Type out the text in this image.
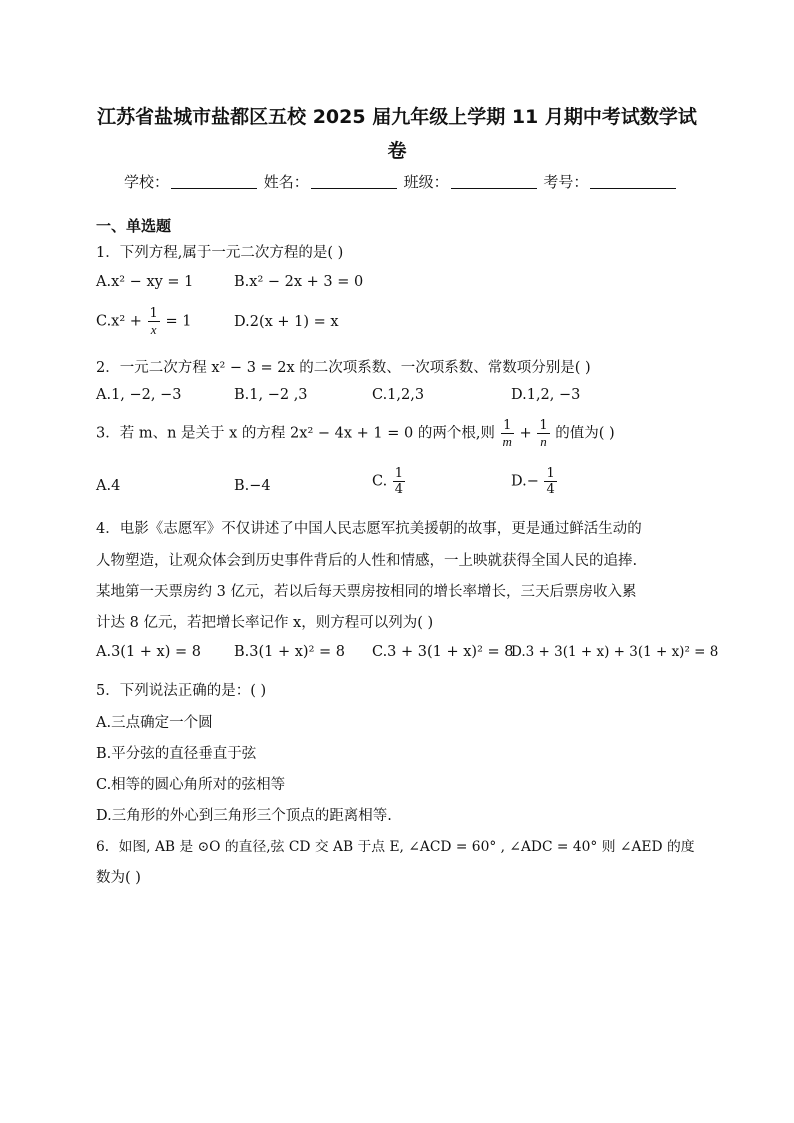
江苏省盐城市盐都区五校 2025 届九年级上学期 11 月期中考试数学试
卷
学校：	姓名：	班级：	考号：
一、单选题
1．下列方程,属于一元二次方程的是( )
A.x² − xy = 1	B.x² − 2x + 3 = 0
$C.x^2 + \frac{1}{x} = 1$	D.2(x + 1) = x
2．一元二次方程 x² − 3 = 2x 的二次项系数、一次项系数、常数项分别是( )
A.1, −2, −3	B.1, −2 ,3	C.1,2,3	D.1,2, −3
3．若 m、n 是关于 x 的方程 2x² − 4x + 1 = 0 的两个根,则 $\frac{1}{m} + \frac{1}{n}$ 的值为( )
A.4	B.−4	C. $\frac{1}{4}$	$D.- \frac{1}{4}$
4．电影《志愿军》不仅讲述了中国人民志愿军抗美援朝的故事，更是通过鲜活生动的
人物塑造，让观众体会到历史事件背后的人性和情感，一上映就获得全国人民的追捧.
某地第一天票房约 3 亿元，若以后每天票房按相同的增长率增长，三天后票房收入累
计达 8 亿元，若把增长率记作 x，则方程可以列为( )
A.3(1 + x) = 8 B.3(1 + x)² = 8 C.3 + 3(1 + x)² = 8
D.3 + 3(1 + x) + 3(1 + x)² = 8
5．下列说法正确的是：( )
A.三点确定一个圆
B.平分弦的直径垂直于弦
C.相等的圆心角所对的弦相等
D.三角形的外心到三角形三个顶点的距离相等.
6．如图, AB 是 ⊙O 的直径,弦 CD 交 AB 于点 E, ∠ACD = 60° , ∠ADC = 40° 则 ∠AED 的度
数为( )
